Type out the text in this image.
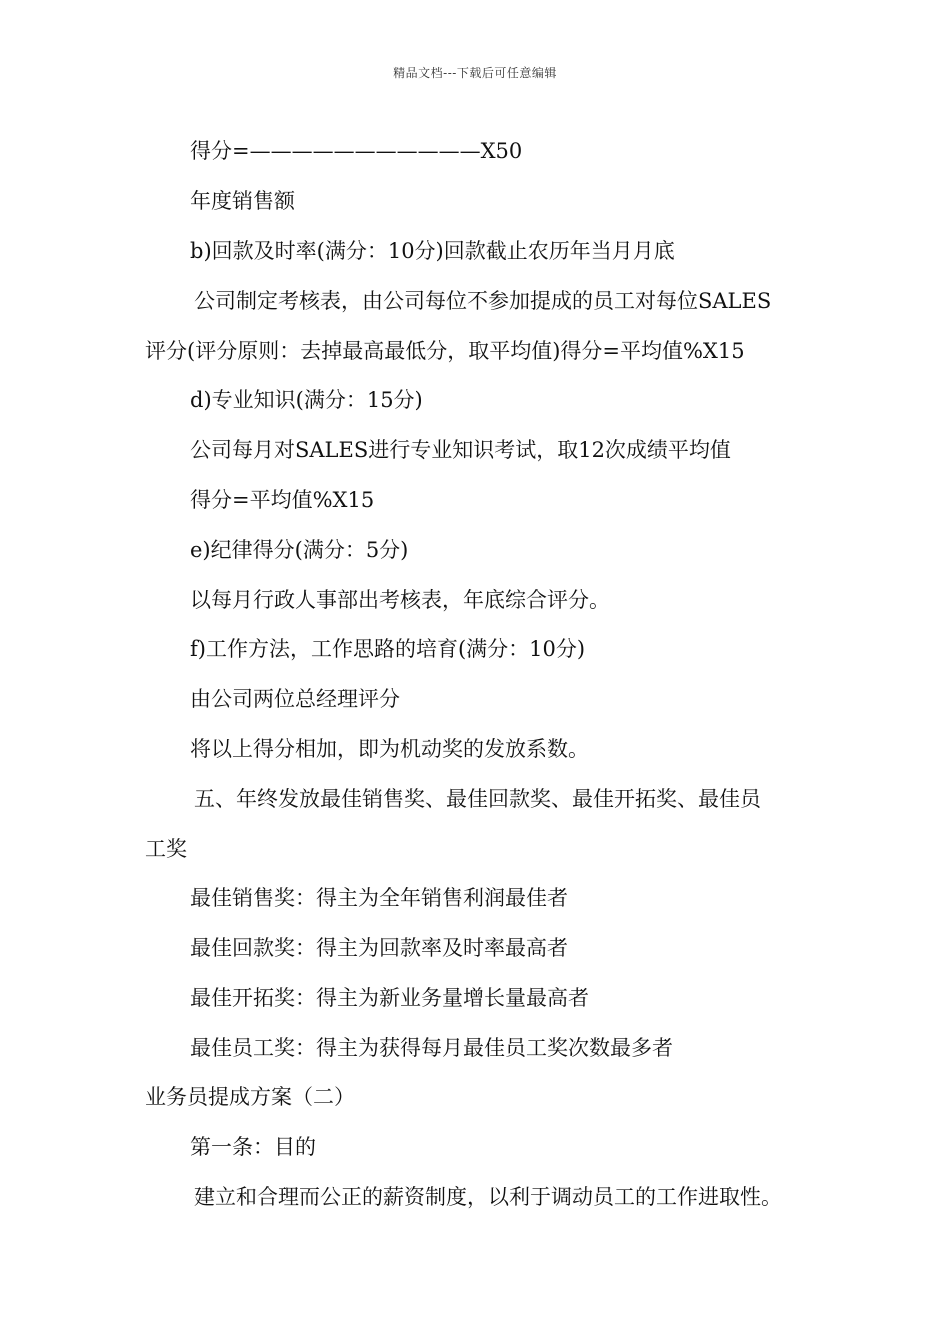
精品文档---下载后可任意编辑
得分=———————————X50
年度销售额
b)回款及时率(满分：10分)回款截止农历年当月月底
公司制定考核表，由公司每位不参加提成的员工对每位SALES
评分(评分原则：去掉最高最低分，取平均值)得分=平均值%X15
d)专业知识(满分：15分)
公司每月对SALES进行专业知识考试，取12次成绩平均值
得分=平均值%X15
e)纪律得分(满分：5分)
以每月行政人事部出考核表，年底综合评分。
f)工作方法，工作思路的培育(满分：10分)
由公司两位总经理评分
将以上得分相加，即为机动奖的发放系数。
五、年终发放最佳销售奖、最佳回款奖、最佳开拓奖、最佳员
工奖
最佳销售奖：得主为全年销售利润最佳者
最佳回款奖：得主为回款率及时率最高者
最佳开拓奖：得主为新业务量增长量最高者
最佳员工奖：得主为获得每月最佳员工奖次数最多者
业务员提成方案（二）
第一条：目的
建立和合理而公正的薪资制度，以利于调动员工的工作进取性。
